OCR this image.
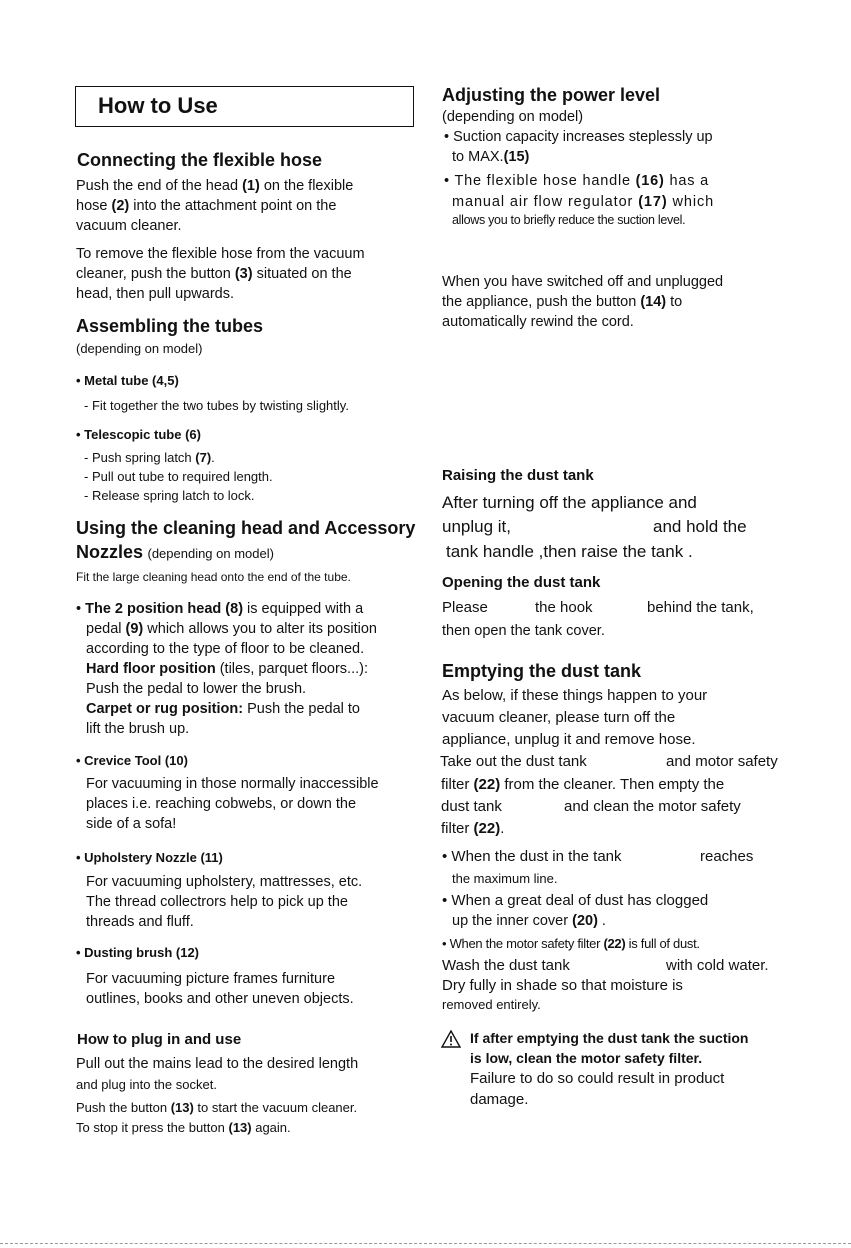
How to Use
Connecting the flexible hose
Push the end of the head (1) on the flexible
hose (2) into the attachment point on the
vacuum cleaner.
To remove the flexible hose from the vacuum
cleaner, push the button (3) situated on the
head, then pull upwards.
Assembling the tubes
(depending on model)
• Metal tube (4,5)
- Fit together the two tubes by twisting slightly.
• Telescopic tube (6)
- Push spring latch (7).
- Pull out tube to required length.
- Release spring latch to lock.
Using the cleaning head and Accessory
Nozzles (depending on model)
Fit the large cleaning head onto the end of the tube.
• The 2 position head (8) is equipped with a
pedal (9) which allows you to alter its position
according to the type of floor to be cleaned.
Hard floor position (tiles, parquet floors...):
Push the pedal to lower the brush.
Carpet or rug position: Push the pedal to
lift the brush up.
• Crevice Tool (10)
For vacuuming in those normally inaccessible
places i.e. reaching cobwebs, or down the
side of a sofa!
• Upholstery Nozzle (11)
For vacuuming upholstery, mattresses, etc.
The thread collectrors help to pick up the
threads and fluff.
• Dusting brush (12)
For vacuuming picture frames furniture
outlines, books and other uneven objects.
How to plug in and use
Pull out the mains lead to the desired length
and plug into the socket.
Push the button (13) to start the vacuum cleaner.
To stop it press the button (13) again.
Adjusting the power level
(depending on model)
• Suction capacity increases steplessly up
to MAX.(15)
• The flexible hose handle (16) has a
manual air flow regulator (17) which
allows you to briefly reduce the suction level.
When you have switched off and unplugged
the appliance, push the button (14) to
automatically rewind the cord.
Raising the dust tank
After turning off the appliance and
unplug it,	and hold the
tank handle ,then raise the tank .
Opening the dust tank
Please	the hook	behind the tank,
then open the tank cover.
Emptying the dust tank
As below, if these things happen to your
vacuum cleaner, please turn off the
appliance, unplug it and remove hose.
Take out the dust tank	and motor safety
filter (22) from the cleaner. Then empty the
dust tank	and clean the motor safety
filter (22).
• When the dust in the tank	reaches
the maximum line.
• When a great deal of dust has clogged
up the inner cover (20) .
• When the motor safety filter (22) is full of dust.
Wash the dust tank	with cold water.
Dry fully in shade so that moisture is
removed entirely.
If after emptying the dust tank the suction
is low, clean the motor safety filter.
Failure to do so could result in product
damage.
